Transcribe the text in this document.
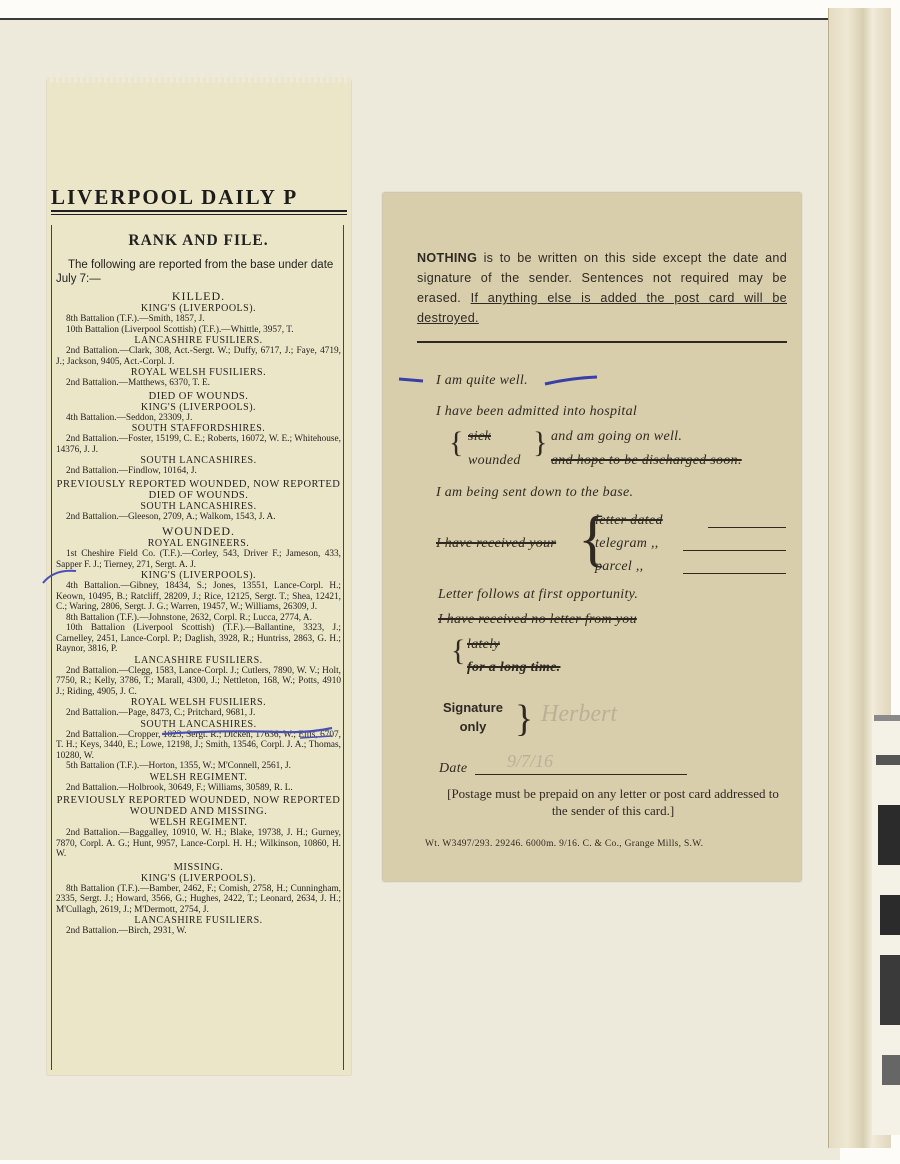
LIVERPOOL DAILY P
RANK AND FILE.

The following are reported from the base under date July 7:—

KILLED.
KING'S (LIVERPOOLS).

8th Battalion (T.F.).—Smith, 1857, J.

10th Battalion (Liverpool Scottish) (T.F.).—Whittle, 3957, T.

LANCASHIRE FUSILIERS.

2nd Battalion.—Clark, 308, Act.-Sergt. W.; Duffy, 6717, J.; Faye, 4719, J.; Jackson, 9405, Act.-Corpl. J.

ROYAL WELSH FUSILIERS.

2nd Battalion.—Matthews, 6370, T. E.

DIED OF WOUNDS.
KING'S (LIVERPOOLS).

4th Battalion.—Seddon, 23309, J.

SOUTH STAFFORDSHIRES.

2nd Battalion.—Foster, 15199, C. E.; Roberts, 16072, W. E.; Whitehouse, 14376, J. J.

SOUTH LANCASHIRES.

2nd Battalion.—Findlow, 10164, J.

PREVIOUSLY REPORTED WOUNDED, NOW REPORTED DIED OF WOUNDS.
SOUTH LANCASHIRES.

2nd Battalion.—Gleeson, 2709, A.; Walkom, 1543, J. A.

WOUNDED.
ROYAL ENGINEERS.

1st Cheshire Field Co. (T.F.).—Corley, 543, Driver F.; Jameson, 433, Sapper F. J.; Tierney, 271, Sergt. A. J.

KING'S (LIVERPOOLS).

4th Battalion.—Gibney, 18434, S.; Jones, 13551, Lance-Corpl. H.; Keown, 10495, B.; Ratcliff, 28209, J.; Rice, 12125, Sergt. T.; Shea, 12421, C.; Waring, 2806, Sergt. J. G.; Warren, 19457, W.; Williams, 26309, J.

8th Battalion (T.F.).—Johnstone, 2632, Corpl. R.; Lucca, 2774, A.

10th Battalion (Liverpool Scottish) (T.F.).—Ballantine, 3323, J.; Carnelley, 2451, Lance-Corpl. P.; Daglish, 3928, R.; Huntriss, 2863, G. H.; Raynor, 3816, P.

LANCASHIRE FUSILIERS.

2nd Battalion.—Clegg, 1583, Lance-Corpl. J.; Cutlers, 7890, W. V.; Holt, 7750, R.; Kelly, 3786, T.; Marall, 4300, J.; Nettleton, 168, W.; Potts, 4910 J.; Riding, 4905, J. C.

ROYAL WELSH FUSILIERS.

2nd Battalion.—Page, 8473, C.; Pritchard, 9681, J.

SOUTH LANCASHIRES.

2nd Battalion.—Cropper, 1023, Sergt. R.; Dicken, 17636, W.; Ellis, 6707, T. H.; Keys, 3440, E.; Lowe, 12198, J.; Smith, 13546, Corpl. J. A.; Thomas, 10280, W.

5th Battalion (T.F.).—Horton, 1355, W.; M'Connell, 2561, J.

WELSH REGIMENT.

2nd Battalion.—Holbrook, 30649, F.; Williams, 30589, R. L.

PREVIOUSLY REPORTED WOUNDED, NOW REPORTED WOUNDED AND MISSING.
WELSH REGIMENT.

2nd Battalion.—Baggalley, 10910, W. H.; Blake, 19738, J. H.; Gurney, 7870, Corpl. A. G.; Hunt, 9957, Lance-Corpl. H. H.; Wilkinson, 10860, H. W.

MISSING.
KING'S (LIVERPOOLS).

8th Battalion (T.F.).—Bamber, 2462, F.; Comish, 2758, H.; Cunningham, 2335, Sergt. J.; Howard, 3566, G.; Hughes, 2422, T.; Leonard, 2634, J. H.; M'Cullagh, 2619, J.; M'Dermott, 2754, J.

LANCASHIRE FUSILIERS.

2nd Battalion.—Birch, 2931, W.

NOTHING is to be written on this side except the date and signature of the sender. Sentences not required may be erased. If anything else is added the post card will be destroyed.
I am quite well.
I have been admitted into hospital
{ sick
wounded
} and am going on well.
and hope to be discharged soon.
I am being sent down to the base.
I have received your {
letter dated
telegram ,,
parcel ,,
Letter follows at first opportunity.
I have received no letter from you
{ lately
for a long time.
Signature
only } Herbert
Date 9/7/16
[Postage must be prepaid on any letter or post card addressed to the sender of this card.]
Wt. W3497/293. 29246. 6000m. 9/16. C. & Co., Grange Mills, S.W.
